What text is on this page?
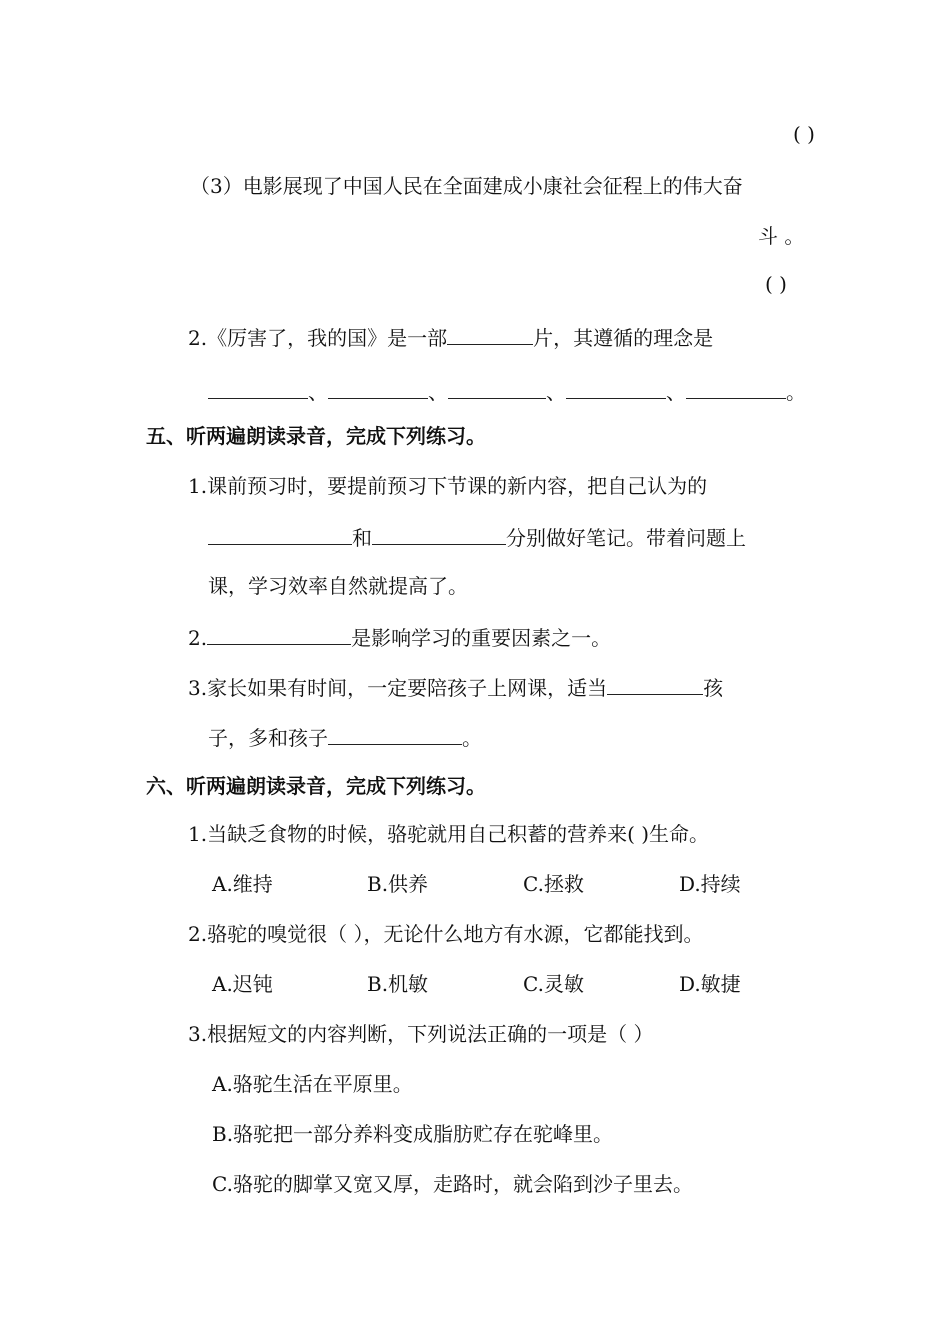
( )
（3）电影展现了中国人民在全面建成小康社会征程上的伟大奋
斗 。
( )
2.《厉害了，我的国》是一部	片，其遵循的理念是
、	、	、	、	。
五、听两遍朗读录音，完成下列练习。
1.课前预习时，要提前预习下节课的新内容，把自己认为的
和	分别做好笔记。带着问题上
课，学习效率自然就提高了。
2.	是影响学习的重要因素之一。
3.家长如果有时间，一定要陪孩子上网课，适当	孩
子，多和孩子	。
六、听两遍朗读录音，完成下列练习。
1.当缺乏食物的时候，骆驼就用自己积蓄的营养来( )生命。
A.维持	B.供养	C.拯救	D.持续
2.骆驼的嗅觉很（ ），无论什么地方有水源，它都能找到。
A.迟钝	B.机敏	C.灵敏	D.敏捷
3.根据短文的内容判断，下列说法正确的一项是（ ）
A.骆驼生活在平原里。
B.骆驼把一部分养料变成脂肪贮存在驼峰里。
C.骆驼的脚掌又宽又厚，走路时，就会陷到沙子里去。
